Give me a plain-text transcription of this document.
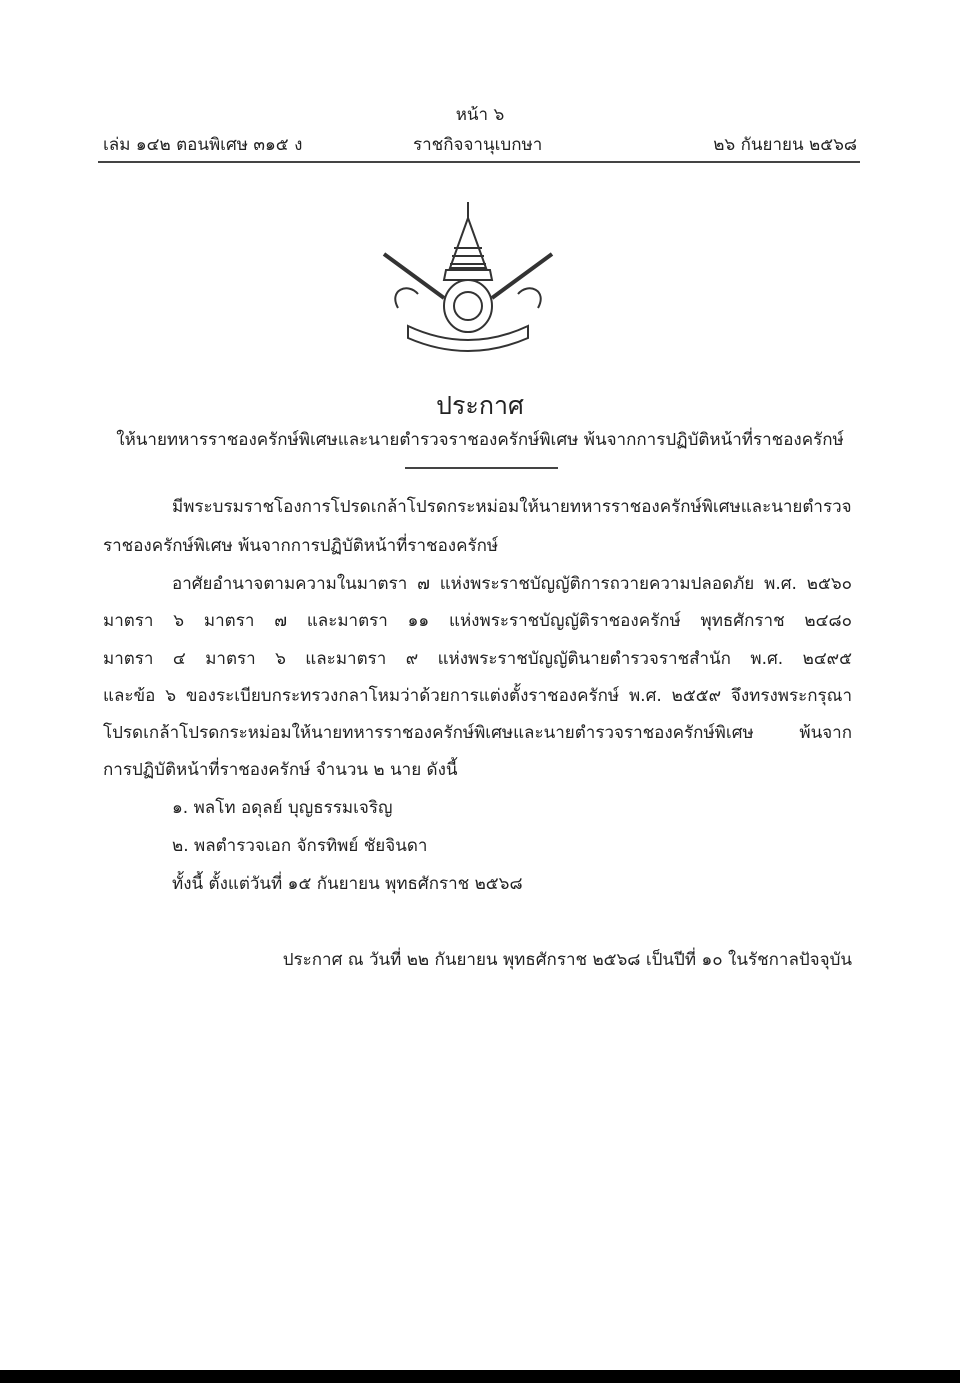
หน้า ๖
เล่ม ๑๔๒ ตอนพิเศษ ๓๑๕ ง	ราชกิจจานุเบกษา	๒๖ กันยายน ๒๕๖๘
ประกาศ
ให้นายทหารราชองครักษ์พิเศษและนายตำรวจราชองครักษ์พิเศษ พ้นจากการปฏิบัติหน้าที่ราชองครักษ์
มีพระบรมราชโองการโปรดเกล้าโปรดกระหม่อมให้นายทหารราชองครักษ์พิเศษและนายตำรวจ
ราชองครักษ์พิเศษ พ้นจากการปฏิบัติหน้าที่ราชองครักษ์
อาศัยอำนาจตามความในมาตรา ๗ แห่งพระราชบัญญัติการถวายความปลอดภัย พ.ศ. ๒๕๖๐
มาตรา ๖ มาตรา ๗ และมาตรา ๑๑ แห่งพระราชบัญญัติราชองครักษ์ พุทธศักราช ๒๔๘๐
มาตรา ๔ มาตรา ๖ และมาตรา ๙ แห่งพระราชบัญญัตินายตำรวจราชสำนัก พ.ศ. ๒๔๙๕
และข้อ ๖ ของระเบียบกระทรวงกลาโหมว่าด้วยการแต่งตั้งราชองครักษ์ พ.ศ. ๒๕๕๙ จึงทรงพระกรุณา
โปรดเกล้าโปรดกระหม่อมให้นายทหารราชองครักษ์พิเศษและนายตำรวจราชองครักษ์พิเศษ พ้นจาก
การปฏิบัติหน้าที่ราชองครักษ์ จำนวน ๒ นาย ดังนี้
๑. พลโท อดุลย์ บุญธรรมเจริญ
๒. พลตำรวจเอก จักรทิพย์ ชัยจินดา
ทั้งนี้ ตั้งแต่วันที่ ๑๕ กันยายน พุทธศักราช ๒๕๖๘
ประกาศ ณ วันที่ ๒๒ กันยายน พุทธศักราช ๒๕๖๘ เป็นปีที่ ๑๐ ในรัชกาลปัจจุบัน
